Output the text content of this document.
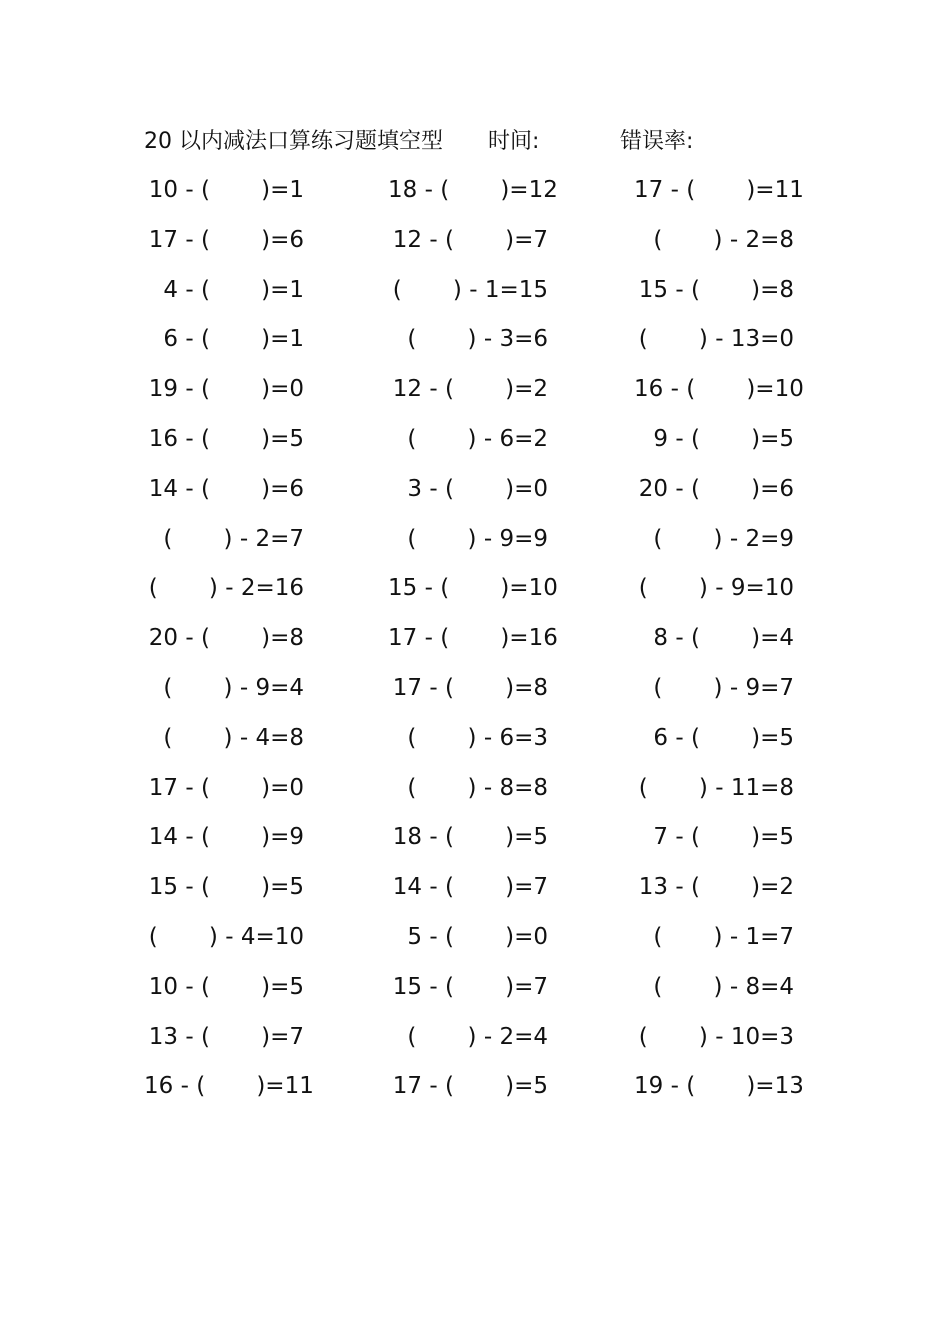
20 以内减法口算练习题填空型 时间:	错误率:
10 - (       )=1	18 - (       )=12	17 - (       )=11
17 - (       )=6	12 - (       )=7	(       ) - 2=8
4 - (       )=1	(       ) - 1=15	15 - (       )=8
6 - (       )=1	(       ) - 3=6	(       ) - 13=0
19 - (       )=0	12 - (       )=2	16 - (       )=10
16 - (       )=5	(       ) - 6=2	9 - (       )=5
14 - (       )=6	3 - (       )=0	20 - (       )=6
(       ) - 2=7	(       ) - 9=9	(       ) - 2=9
(       ) - 2=16	15 - (       )=10	(       ) - 9=10
20 - (       )=8	17 - (       )=16	8 - (       )=4
(       ) - 9=4	17 - (       )=8	(       ) - 9=7
(       ) - 4=8	(       ) - 6=3	6 - (       )=5
17 - (       )=0	(       ) - 8=8	(       ) - 11=8
14 - (       )=9	18 - (       )=5	7 - (       )=5
15 - (       )=5	14 - (       )=7	13 - (       )=2
(       ) - 4=10	5 - (       )=0	(       ) - 1=7
10 - (       )=5	15 - (       )=7	(       ) - 8=4
13 - (       )=7	(       ) - 2=4	(       ) - 10=3
16 - (       )=11	17 - (       )=5	19 - (       )=13
